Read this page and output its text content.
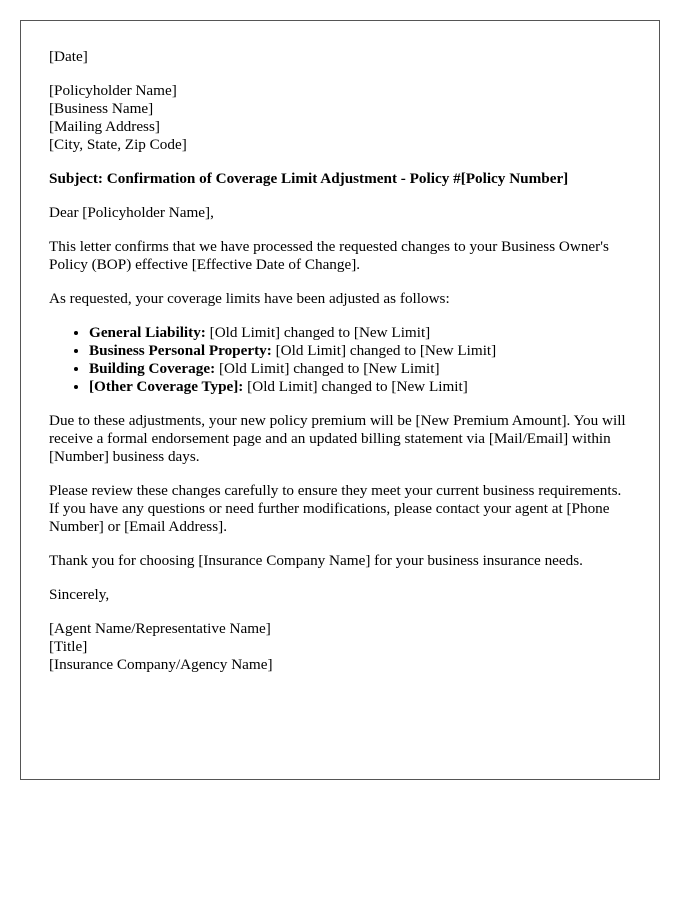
[Date]

[Policyholder Name]
[Business Name]
[Mailing Address]
[City, State, Zip Code]

Subject: Confirmation of Coverage Limit Adjustment - Policy #[Policy Number]

Dear [Policyholder Name],

This letter confirms that we have processed the requested changes to your Business Owner's Policy (BOP) effective [Effective Date of Change].

As requested, your coverage limits have been adjusted as follows:

• General Liability: [Old Limit] changed to [New Limit]
• Business Personal Property: [Old Limit] changed to [New Limit]
• Building Coverage: [Old Limit] changed to [New Limit]
• [Other Coverage Type]: [Old Limit] changed to [New Limit]

Due to these adjustments, your new policy premium will be [New Premium Amount]. You will receive a formal endorsement page and an updated billing statement via [Mail/Email] within [Number] business days.

Please review these changes carefully to ensure they meet your current business requirements. If you have any questions or need further modifications, please contact your agent at [Phone Number] or [Email Address].

Thank you for choosing [Insurance Company Name] for your business insurance needs.

Sincerely,

[Agent Name/Representative Name]
[Title]
[Insurance Company/Agency Name]
